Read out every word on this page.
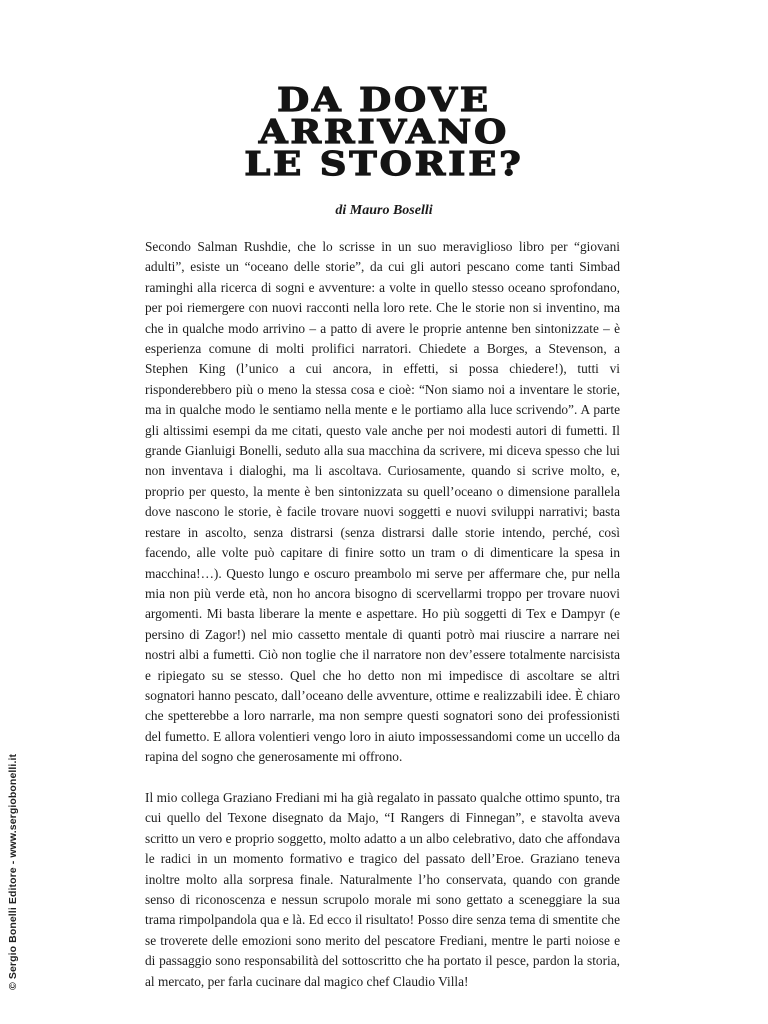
DA DOVE
ARRIVANO
LE STORIE?
di Mauro Boselli

Secondo Salman Rushdie, che lo scrisse in un suo meraviglioso libro per “giovani adulti”, esiste un “oceano delle storie”, da cui gli autori pescano come tanti Simbad raminghi alla ricerca di sogni e avventure: a volte in quello stesso oceano sprofondano, per poi riemergere con nuovi racconti nella loro rete. Che le storie non si inventino, ma che in qualche modo arrivino – a patto di avere le proprie antenne ben sintonizzate – è esperienza comune di molti prolifici narratori. Chiedete a Borges, a Stevenson, a Stephen King (l’unico a cui ancora, in effetti, si possa chiedere!), tutti vi risponderebbero più o meno la stessa cosa e cioè: “Non siamo noi a inventare le storie, ma in qualche modo le sentiamo nella mente e le portiamo alla luce scrivendo”. A parte gli altissimi esempi da me citati, questo vale anche per noi modesti autori di fumetti. Il grande Gianluigi Bonelli, seduto alla sua macchina da scrivere, mi diceva spesso che lui non inventava i dialoghi, ma li ascoltava. Curiosamente, quando si scrive molto, e, proprio per questo, la mente è ben sintonizzata su quell’oceano o dimensione parallela dove nascono le storie, è facile trovare nuovi soggetti e nuovi sviluppi narrativi; basta restare in ascolto, senza distrarsi (senza distrarsi dalle storie intendo, perché, così facendo, alle volte può capitare di finire sotto un tram o di dimenticare la spesa in macchina!…). Questo lungo e oscuro preambolo mi serve per affermare che, pur nella mia non più verde età, non ho ancora bisogno di scervellarmi troppo per trovare nuovi argomenti. Mi basta liberare la mente e aspettare. Ho più soggetti di Tex e Dampyr (e persino di Zagor!) nel mio cassetto mentale di quanti potrò mai riuscire a narrare nei nostri albi a fumetti. Ciò non toglie che il narratore non dev’essere totalmente narcisista e ripiegato su se stesso. Quel che ho detto non mi impedisce di ascoltare se altri sognatori hanno pescato, dall’oceano delle avventure, ottime e realizzabili idee. È chiaro che spetterebbe a loro narrarle, ma non sempre questi sognatori sono dei professionisti del fumetto. E allora volentieri vengo loro in aiuto impossessandomi come un uccello da rapina del sogno che generosamente mi offrono.

Il mio collega Graziano Frediani mi ha già regalato in passato qualche ottimo spunto, tra cui quello del Texone disegnato da Majo, “I Rangers di Finnegan”, e stavolta aveva scritto un vero e proprio soggetto, molto adatto a un albo celebrativo, dato che affondava le radici in un momento formativo e tragico del passato dell’Eroe. Graziano teneva inoltre molto alla sorpresa finale. Naturalmente l’ho conservata, quando con grande senso di riconoscenza e nessun scrupolo morale mi sono gettato a sceneggiare la sua trama rimpolpandola qua e là. Ed ecco il risultato! Posso dire senza tema di smentite che se troverete delle emozioni sono merito del pescatore Frediani, mentre le parti noiose e di passaggio sono responsabilità del sottoscritto che ha portato il pesce, pardon la storia, al mercato, per farla cucinare dal magico chef Claudio Villa!

© Sergio Bonelli Editore - www.sergiobonelli.it
